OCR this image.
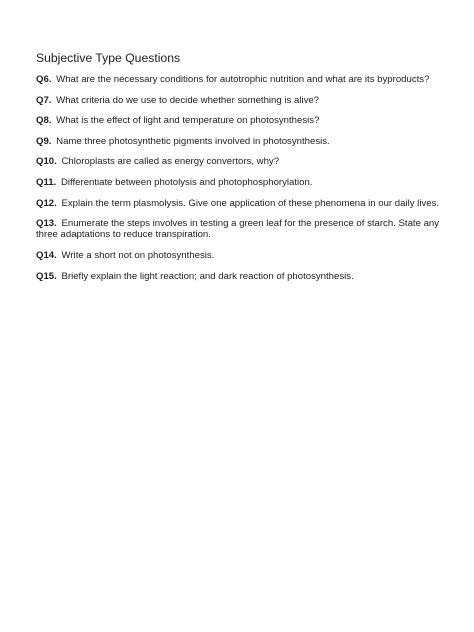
Subjective Type Questions
Q6. What are the necessary conditions for autotrophic nutrition and what are its byproducts?
Q7. What criteria do we use to decide whether something is alive?
Q8. What is the effect of light and temperature on photosynthesis?
Q9. Name three photosynthetic pigments involved in photosynthesis.
Q10. Chloroplasts are called as energy convertors, why?
Q11. Differentiate between photolysis and photophosphorylation.
Q12. Explain the term plasmolysis. Give one application of these phenomena in our daily lives.
Q13. Enumerate the steps involves in testing a green leaf for the presence of starch. State any three adaptations to reduce transpiration.
Q14. Write a short not on photosynthesis.
Q15. Briefly explain the light reaction; and dark reaction of photosynthesis.
